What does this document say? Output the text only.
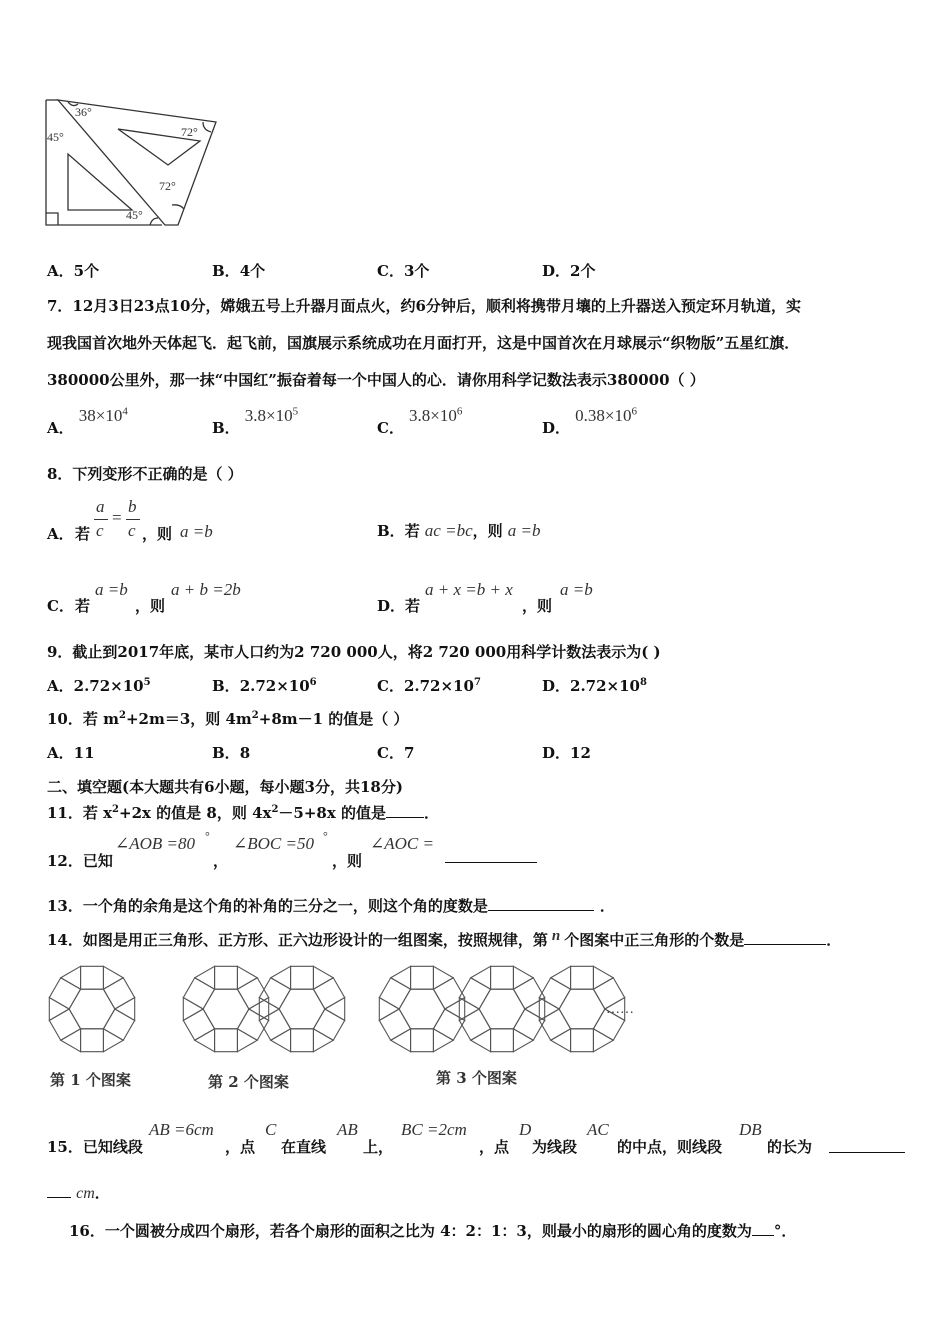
36°
72°
45°
72°
45°
A．5个	B．4个	C．3个	D．2个
7．12月3日23点10分，嫦娥五号上升器月面点火，约6分钟后，顺利将携带月壤的上升器送入预定环月轨道，实
现我国首次地外天体起飞．起飞前，国旗展示系统成功在月面打开，这是中国首次在月球展示“织物版”五星红旗．
380000公里外，那一抹“中国红”振奋着每一个中国人的心．请你用科学记数法表示380000（ ）
A． $38\times 10^4$
B． $3.8\times 10^5$
C． $3.8\times 10^6$
D． $0.38\times 10^6$
8．下列变形不正确的是（ ）
A． 若
a
c
=
b
c ，则 a =b	B．若 ac =bc，则 a =b
C． 若
a =b
，则
a + b =2b
D． 若
a + x =b + x
，则
a =b
9．截止到2017年底，某市人口约为2 720 000人，将2 720 000用科学计数法表示为( )
A．$2.72\times 10^5$	B．$2.72\times 10^6$	C．$2.72\times 10^7$	D．$2.72\times 10^8$
10．若 $m^2+2m=3$，则 $4m^2+8m-1$ 的值是（ ）
A．11	B．8	C．7	D．12
二、填空题(本大题共有6小题，每小题3分，共18分)
11．若 $x^2+2x$ 的值是 8，则 $4x^2-5+8x$ 的值是	．
12．已知
∠AOB =80 °
，
∠BOC =50 °
，则
∠AOC =
13．一个角的余角是这个角的补角的三分之一，则这个角的度数是	．
14．如图是用正三角形、正方形、正六边形设计的一组图案，按照规律，第 n 个图案中正三角形的个数是	．
第 1 个图案	第 2 个图案	第 3 个图案
……
15．已知线段
AB =6cm
，点
C
在直线
AB
上，
BC =2cm
，点
D
为线段
AC
的中点，则线段
DB
的长为
cm．
16．一个圆被分成四个扇形，若各个扇形的面积之比为 4：2：1：3，则最小的扇形的圆心角的度数为 °．
